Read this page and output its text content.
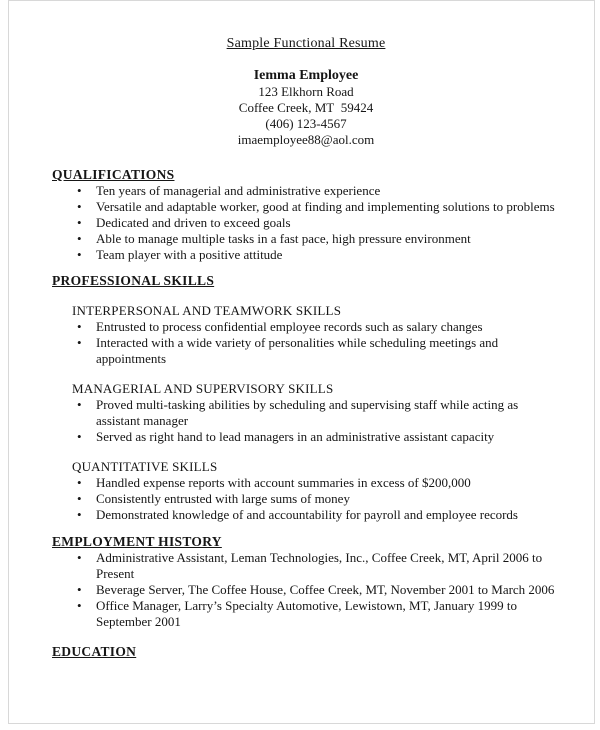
Sample Functional Resume
Iemma Employee
123 Elkhorn Road
Coffee Creek, MT  59424
(406) 123-4567
imaemployee88@aol.com
QUALIFICATIONS
• Ten years of managerial and administrative experience
• Versatile and adaptable worker, good at finding and implementing solutions to problems
• Dedicated and driven to exceed goals
• Able to manage multiple tasks in a fast pace, high pressure environment
• Team player with a positive attitude
PROFESSIONAL SKILLS
INTERPERSONAL AND TEAMWORK SKILLS
• Entrusted to process confidential employee records such as salary changes
• Interacted with a wide variety of personalities while scheduling meetings and appointments
MANAGERIAL AND SUPERVISORY SKILLS
• Proved multi-tasking abilities by scheduling and supervising staff while acting as assistant manager
• Served as right hand to lead managers in an administrative assistant capacity
QUANTITATIVE SKILLS
• Handled expense reports with account summaries in excess of $200,000
• Consistently entrusted with large sums of money
• Demonstrated knowledge of and accountability for payroll and employee records
EMPLOYMENT HISTORY
• Administrative Assistant, Leman Technologies, Inc., Coffee Creek, MT, April 2006 to Present
• Beverage Server, The Coffee House, Coffee Creek, MT, November 2001 to March 2006
• Office Manager, Larry’s Specialty Automotive, Lewistown, MT, January 1999 to September 2001
EDUCATION
